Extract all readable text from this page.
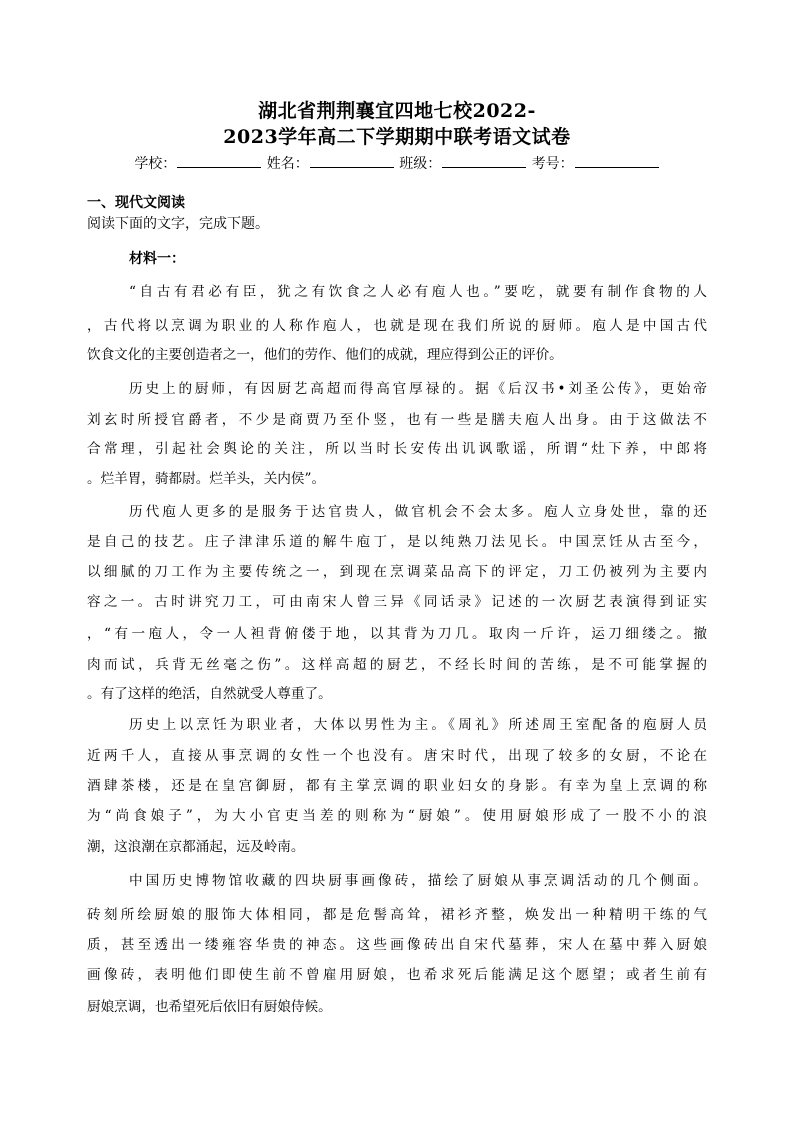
湖北省荆荆襄宜四地七校2022-
2023学年高二下学期期中联考语文试卷
学校：	姓名：	班级：	考号：
一、现代文阅读
阅读下面的文字，完成下题。
材料一：
“自古有君必有臣，犹之有饮食之人必有庖人也。”要吃，就要有制作食物的人
，古代将以烹调为职业的人称作庖人，也就是现在我们所说的厨师。庖人是中国古代
饮食文化的主要创造者之一，他们的劳作、他们的成就，理应得到公正的评价。
历史上的厨师，有因厨艺高超而得高官厚禄的。据《后汉书•刘圣公传》，更始帝
刘玄时所授官爵者，不少是商贾乃至仆竖，也有一些是膳夫庖人出身。由于这做法不
合常理，引起社会舆论的关注，所以当时长安传出讥讽歌谣，所谓“灶下养，中郎将
。烂羊胃，骑都尉。烂羊头，关内侯”。
历代庖人更多的是服务于达官贵人，做官机会不会太多。庖人立身处世，靠的还
是自己的技艺。庄子津津乐道的解牛庖丁，是以纯熟刀法见长。中国烹饪从古至今，
以细腻的刀工作为主要传统之一，到现在烹调菜品高下的评定，刀工仍被列为主要内
容之一。古时讲究刀工，可由南宋人曾三异《同话录》记述的一次厨艺表演得到证实
，“有一庖人，令一人袒背俯偻于地，以其背为刀几。取肉一斤许，运刀细缕之。撤
肉而试，兵背无丝毫之伤”。这样高超的厨艺，不经长时间的苦练，是不可能掌握的
。有了这样的绝活，自然就受人尊重了。
历史上以烹饪为职业者，大体以男性为主。《周礼》所述周王室配备的庖厨人员
近两千人，直接从事烹调的女性一个也没有。唐宋时代，出现了较多的女厨，不论在
酒肆茶楼，还是在皇宫御厨，都有主掌烹调的职业妇女的身影。有幸为皇上烹调的称
为“尚食娘子”，为大小官吏当差的则称为“厨娘”。使用厨娘形成了一股不小的浪
潮，这浪潮在京都涌起，远及岭南。
中国历史博物馆收藏的四块厨事画像砖，描绘了厨娘从事烹调活动的几个侧面。
砖刻所绘厨娘的服饰大体相同，都是危髻高耸，裙衫齐整，焕发出一种精明干练的气
质，甚至透出一缕雍容华贵的神态。这些画像砖出自宋代墓葬，宋人在墓中葬入厨娘
画像砖，表明他们即使生前不曾雇用厨娘，也希求死后能满足这个愿望；或者生前有
厨娘烹调，也希望死后依旧有厨娘侍候。
